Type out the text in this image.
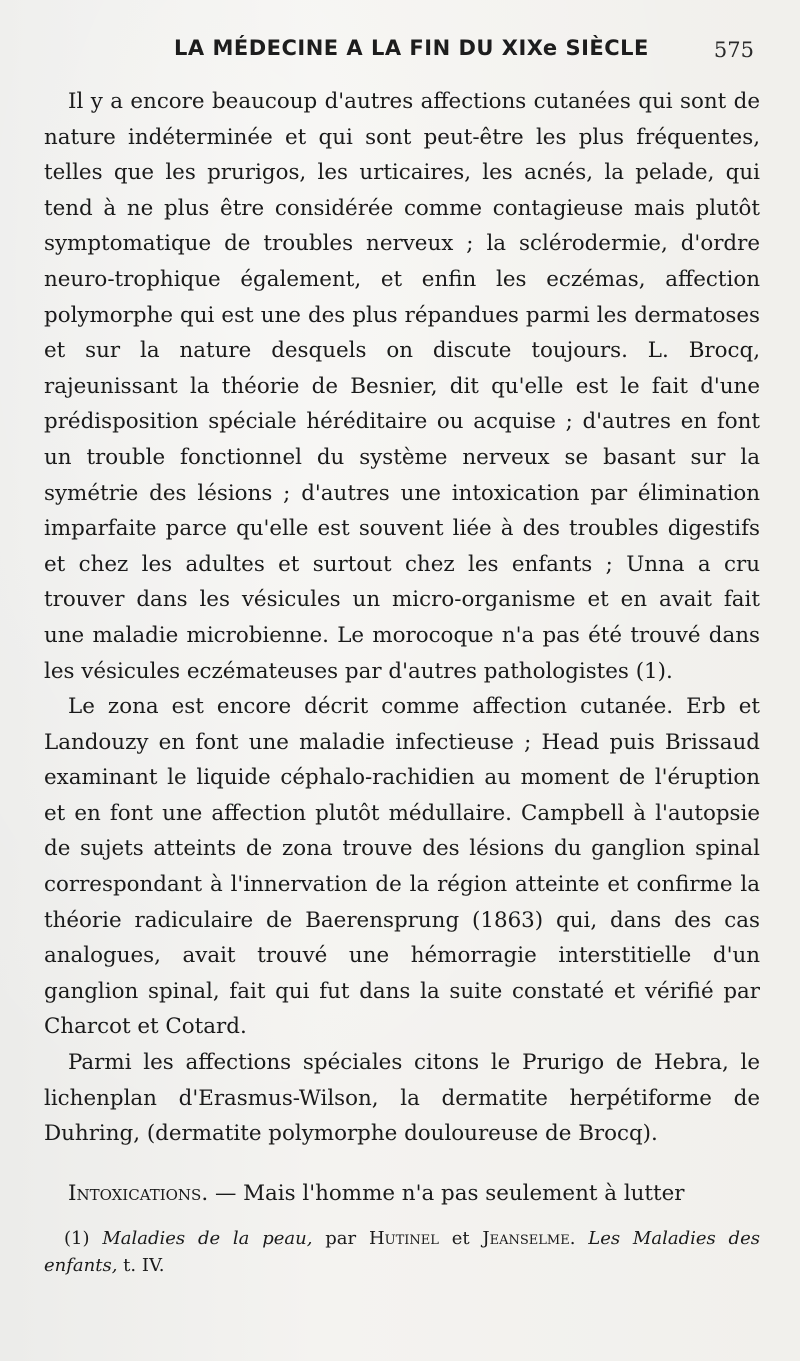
LA MÉDECINE A LA FIN DU XIXe SIÈCLE	575

Il y a encore beaucoup d'autres affections cutanées qui sont de nature indéterminée et qui sont peut-être les plus fréquentes, telles que les prurigos, les urticaires, les acnés, la pelade, qui tend à ne plus être considérée comme contagieuse mais plutôt symptomatique de troubles nerveux ; la sclérodermie, d'ordre neuro-trophique également, et enfin les eczémas, affection polymorphe qui est une des plus répandues parmi les dermatoses et sur la nature desquels on discute toujours. L. Brocq, rajeunissant la théorie de Besnier, dit qu'elle est le fait d'une prédisposition spéciale héréditaire ou acquise ; d'autres en font un trouble fonctionnel du système nerveux se basant sur la symétrie des lésions ; d'autres une intoxication par élimination imparfaite parce qu'elle est souvent liée à des troubles digestifs et chez les adultes et surtout chez les enfants ; Unna a cru trouver dans les vésicules un micro-organisme et en avait fait une maladie microbienne. Le morocoque n'a pas été trouvé dans les vésicules eczémateuses par d'autres pathologistes (1).

Le zona est encore décrit comme affection cutanée. Erb et Landouzy en font une maladie infectieuse ; Head puis Brissaud examinant le liquide céphalo-rachidien au moment de l'éruption et en font une affection plutôt médullaire. Campbell à l'autopsie de sujets atteints de zona trouve des lésions du ganglion spinal correspondant à l'innervation de la région atteinte et confirme la théorie radiculaire de Baerensprung (1863) qui, dans des cas analogues, avait trouvé une hémorragie interstitielle d'un ganglion spinal, fait qui fut dans la suite constaté et vérifié par Charcot et Cotard.

Parmi les affections spéciales citons le Prurigo de Hebra, le lichenplan d'Erasmus-Wilson, la dermatite herpétiforme de Duhring, (dermatite polymorphe douloureuse de Brocq).

Intoxications. — Mais l'homme n'a pas seulement à lutter

(1) Maladies de la peau, par Hutinel et Jeanselme. Les Maladies des enfants, t. IV.
